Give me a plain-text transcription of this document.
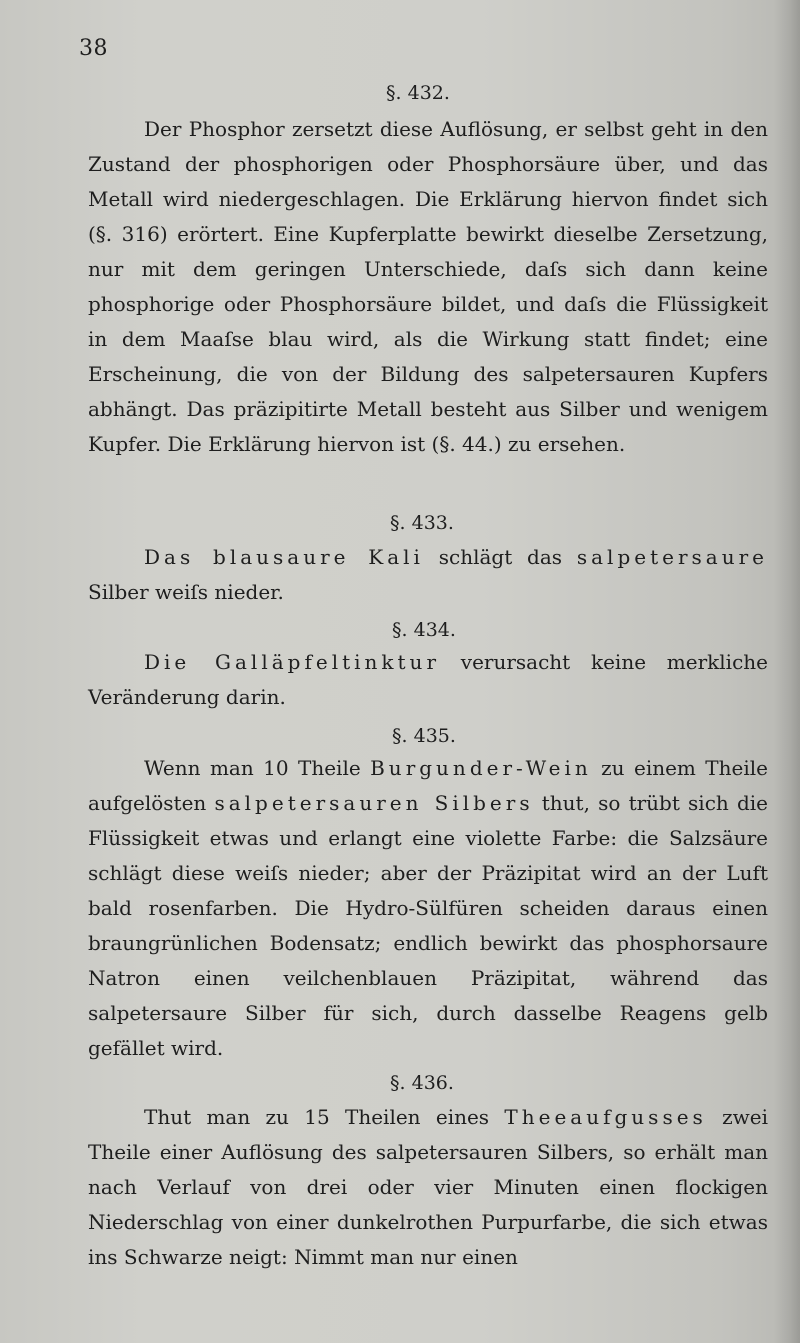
38
§. 432.

Der Phosphor zersetzt diese Auflösung, er selbst geht in den Zustand der phosphorigen oder Phosphorsäure über, und das Metall wird niedergeschlagen. Die Erklärung hiervon findet sich (§. 316) erörtert. Eine Kupferplatte bewirkt dieselbe Zersetzung, nur mit dem geringen Unterschiede, daſs sich dann keine phosphorige oder Phosphorsäure bildet, und daſs die Flüssigkeit in dem Maaſse blau wird, als die Wirkung statt findet; eine Erscheinung, die von der Bildung des salpetersauren Kupfers abhängt. Das präzipitirte Metall besteht aus Silber und wenigem Kupfer. Die Erklärung hiervon ist (§. 44.) zu ersehen.

§. 433.

Das blausaure Kali schlägt das salpetersaure Silber weiſs nieder.

§. 434.

Die Galläpfeltinktur verursacht keine merkliche Veränderung darin.

§. 435.

Wenn man 10 Theile Burgunder-Wein zu einem Theile aufgelösten salpetersauren Silbers thut, so trübt sich die Flüssigkeit etwas und erlangt eine violette Farbe: die Salzsäure schlägt diese weiſs nieder; aber der Präzipitat wird an der Luft bald rosenfarben. Die Hydro-Sülfüren scheiden daraus einen braungrünlichen Bodensatz; endlich bewirkt das phosphorsaure Natron einen veilchenblauen Präzipitat, während das salpetersaure Silber für sich, durch dasselbe Reagens gelb gefället wird.

§. 436.

Thut man zu 15 Theilen eines Theeaufgusses zwei Theile einer Auflösung des salpetersauren Silbers, so erhält man nach Verlauf von drei oder vier Minuten einen flockigen Niederschlag von einer dunkelrothen Purpurfarbe, die sich etwas ins Schwarze neigt: Nimmt man nur einen
